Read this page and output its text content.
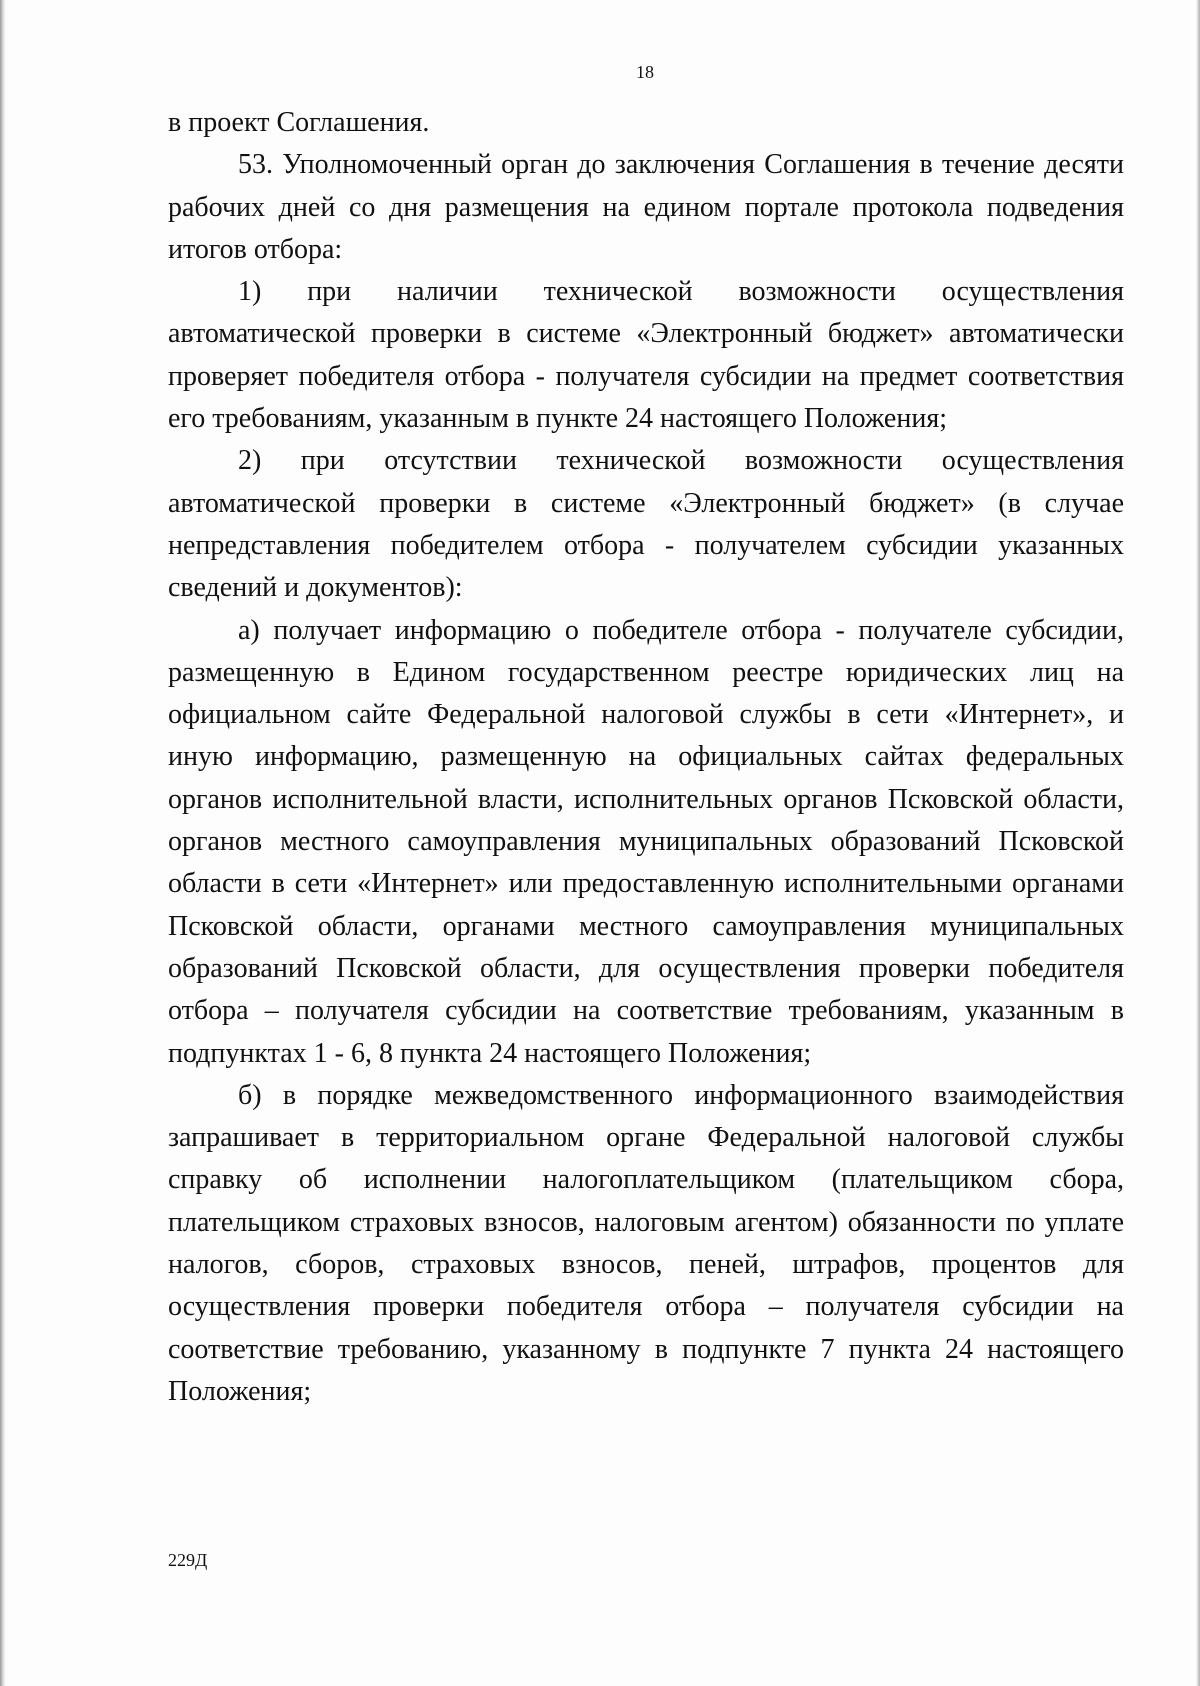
18

в проект Соглашения.

53. Уполномоченный орган до заключения Соглашения в течение десяти рабочих дней со дня размещения на едином портале протокола подведения итогов отбора:

1) при наличии технической возможности осуществления автоматической проверки в системе «Электронный бюджет» автоматически проверяет победителя отбора - получателя субсидии на предмет соответствия его требованиям, указанным в пункте 24 настоящего Положения;

2) при отсутствии технической возможности осуществления автоматической проверки в системе «Электронный бюджет» (в случае непредставления победителем отбора - получателем субсидии указанных сведений и документов):

а) получает информацию о победителе отбора - получателе субсидии, размещенную в Едином государственном реестре юридических лиц на официальном сайте Федеральной налоговой службы в сети «Интернет», и иную информацию, размещенную на официальных сайтах федеральных органов исполнительной власти, исполнительных органов Псковской области, органов местного самоуправления муниципальных образований Псковской области в сети «Интернет» или предоставленную исполнительными органами Псковской области, органами местного самоуправления муниципальных образований Псковской области, для осуществления проверки победителя отбора – получателя субсидии на соответствие требованиям, указанным в подпунктах 1 - 6, 8 пункта 24 настоящего Положения;

б) в порядке межведомственного информационного взаимодействия запрашивает в территориальном органе Федеральной налоговой службы справку об исполнении налогоплательщиком (плательщиком сбора, плательщиком страховых взносов, налоговым агентом) обязанности по уплате налогов, сборов, страховых взносов, пеней, штрафов, процентов для осуществления проверки победителя отбора – получателя субсидии на соответствие требованию, указанному в подпункте 7 пункта 24 настоящего Положения;

229Д
